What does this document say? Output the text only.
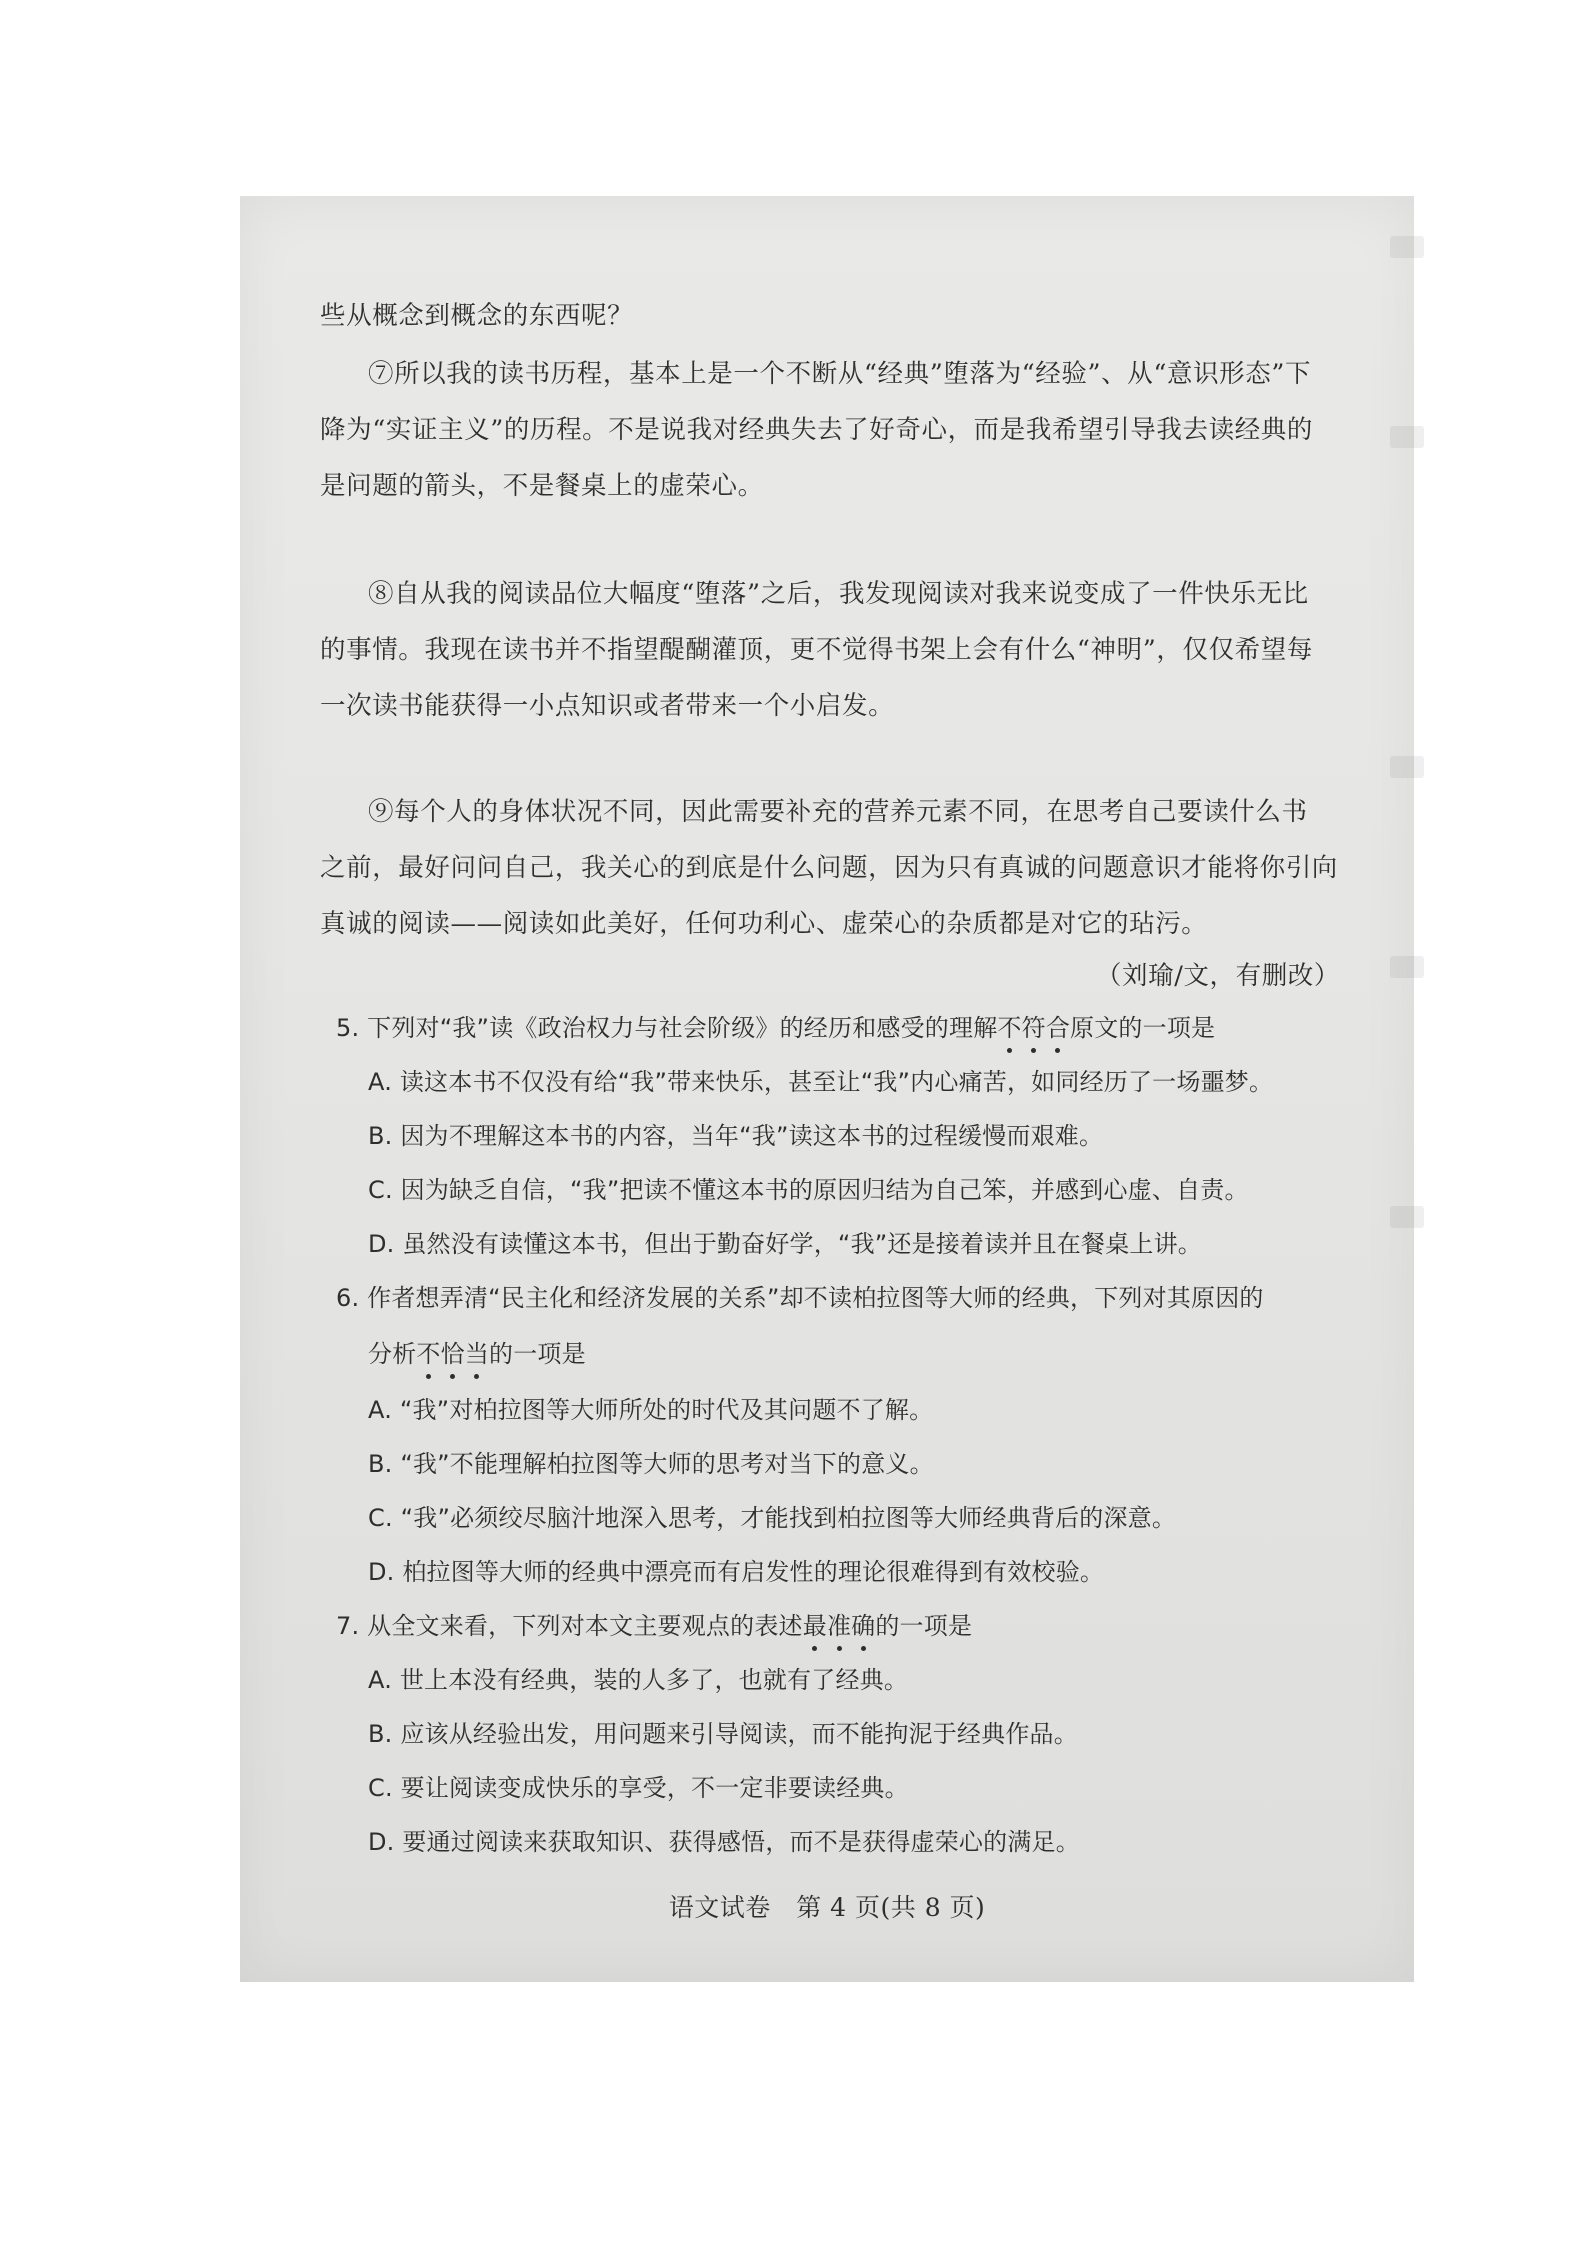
些从概念到概念的东西呢？
⑦所以我的读书历程，基本上是一个不断从“经典”堕落为“经验”、从“意识形态”下
降为“实证主义”的历程。不是说我对经典失去了好奇心，而是我希望引导我去读经典的
是问题的箭头，不是餐桌上的虚荣心。
⑧自从我的阅读品位大幅度“堕落”之后，我发现阅读对我来说变成了一件快乐无比
的事情。我现在读书并不指望醍醐灌顶，更不觉得书架上会有什么“神明”，仅仅希望每
一次读书能获得一小点知识或者带来一个小启发。
⑨每个人的身体状况不同，因此需要补充的营养元素不同，在思考自己要读什么书
之前，最好问问自己，我关心的到底是什么问题，因为只有真诚的问题意识才能将你引向
真诚的阅读——阅读如此美好，任何功利心、虚荣心的杂质都是对它的玷污。
（刘瑜/文，有删改）
5. 下列对“我”读《政治权力与社会阶级》的经历和感受的理解不符合原文的一项是
A. 读这本书不仅没有给“我”带来快乐，甚至让“我”内心痛苦，如同经历了一场噩梦。
B. 因为不理解这本书的内容，当年“我”读这本书的过程缓慢而艰难。
C. 因为缺乏自信，“我”把读不懂这本书的原因归结为自己笨，并感到心虚、自责。
D. 虽然没有读懂这本书，但出于勤奋好学，“我”还是接着读并且在餐桌上讲。
6. 作者想弄清“民主化和经济发展的关系”却不读柏拉图等大师的经典，下列对其原因的
分析不恰当的一项是
A. “我”对柏拉图等大师所处的时代及其问题不了解。
B. “我”不能理解柏拉图等大师的思考对当下的意义。
C. “我”必须绞尽脑汁地深入思考，才能找到柏拉图等大师经典背后的深意。
D. 柏拉图等大师的经典中漂亮而有启发性的理论很难得到有效校验。
7. 从全文来看，下列对本文主要观点的表述最准确的一项是
A. 世上本没有经典，装的人多了，也就有了经典。
B. 应该从经验出发，用问题来引导阅读，而不能拘泥于经典作品。
C. 要让阅读变成快乐的享受，不一定非要读经典。
D. 要通过阅读来获取知识、获得感悟，而不是获得虚荣心的满足。
语文试卷　第 4 页(共 8 页)
